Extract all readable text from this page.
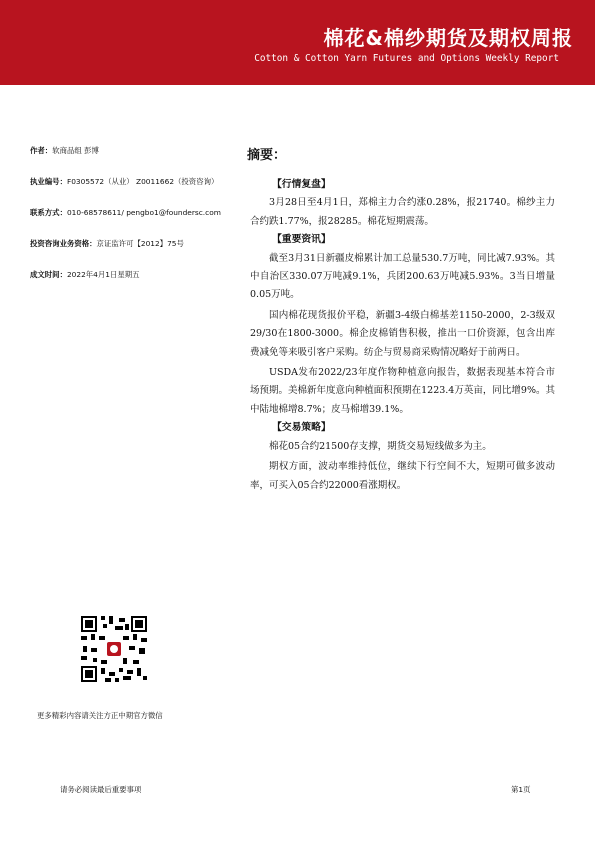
棉花&棉纱期货及期权周报
Cotton & Cotton Yarn Futures and Options Weekly Report
作者：软商品组 彭博
执业编号：F0305572（从业） Z0011662（投资咨询）
联系方式：010-68578611/ pengbo1@foundersc.com
投资咨询业务资格：京证监许可【2012】75号
成文时间：2022年4月1日星期五
更多精彩内容请关注方正中期官方微信
摘要：
【行情复盘】

3月28日至4月1日，郑棉主力合约涨0.28%，报21740。棉纱主力合约跌1.77%，报28285。棉花短期震荡。

【重要资讯】

截至3月31日新疆皮棉累计加工总量530.7万吨，同比减7.93%。其中自治区330.07万吨减9.1%，兵团200.63万吨减5.93%。3当日增量0.05万吨。

国内棉花现货报价平稳，新疆3-4级白棉基差1150-2000，2-3级双29/30在1800-3000。棉企皮棉销售积极，推出一口价资源，包含出库费减免等来吸引客户采购。纺企与贸易商采购情况略好于前两日。

USDA发布2022/23年度作物种植意向报告，数据表现基本符合市场预期。美棉新年度意向种植面积预期在1223.4万英亩，同比增9%。其中陆地棉增8.7%；皮马棉增39.1%。

【交易策略】

棉花05合约21500存支撑，期货交易短线做多为主。

期权方面，波动率维持低位，继续下行空间不大，短期可做多波动率，可买入05合约22000看涨期权。

请务必阅读最后重要事项	第1页
